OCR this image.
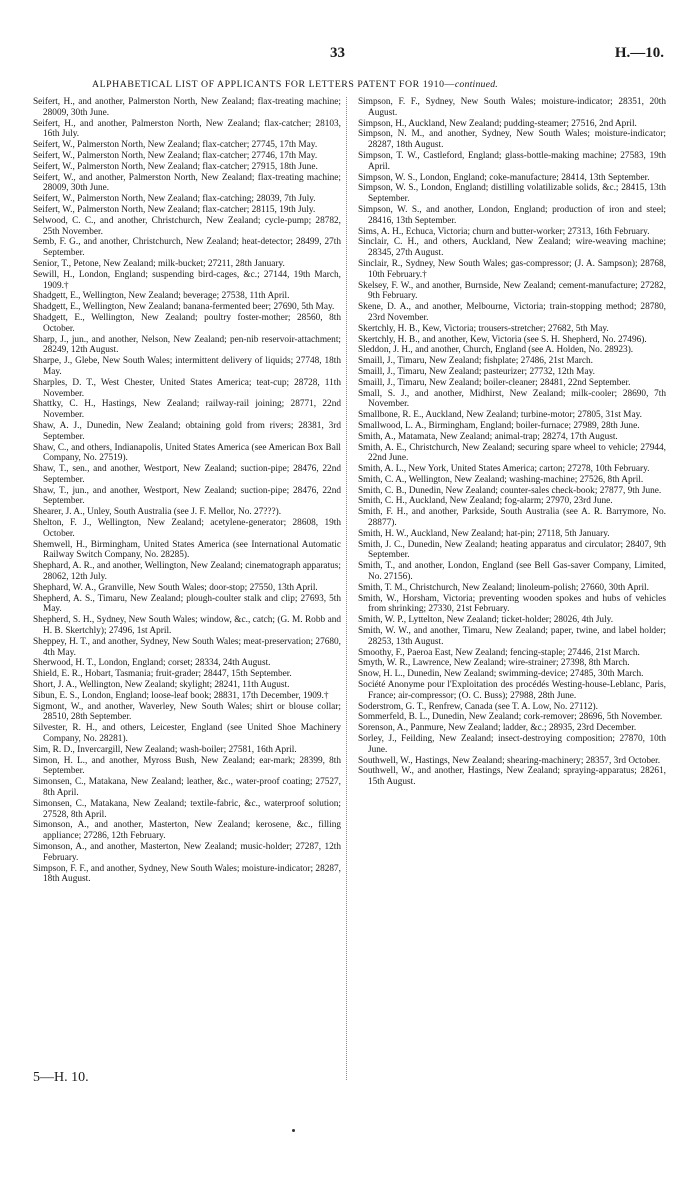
33	H.—10.
ALPHABETICAL LIST OF APPLICANTS FOR LETTERS PATENT FOR 1910—continued.

Seifert, H., and another, Palmerston North, New Zealand; flax-treating machine; 28009, 30th June.

Seifert, H., and another, Palmerston North, New Zealand; flax-catcher; 28103, 16th July.

Seifert, W., Palmerston North, New Zealand; flax-catcher; 27745, 17th May.

Seifert, W., Palmerston North, New Zealand; flax-catcher; 27746, 17th May.

Seifert, W., Palmerston North, New Zealand; flax-catcher; 27915, 18th June.

Seifert, W., and another, Palmerston North, New Zealand; flax-treating machine; 28009, 30th June.

Seifert, W., Palmerston North, New Zealand; flax-catching; 28039, 7th July.

Seifert, W., Palmerston North, New Zealand; flax-catcher; 28115, 19th July.

Selwood, C. C., and another, Christchurch, New Zealand; cycle-pump; 28782, 25th November.

Semb, F. G., and another, Christchurch, New Zealand; heat-detector; 28499, 27th September.

Senior, T., Petone, New Zealand; milk-bucket; 27211, 28th January.

Sewill, H., London, England; suspending bird-cages, &c.; 27144, 19th March, 1909.†

Shadgett, E., Wellington, New Zealand; beverage; 27538, 11th April.

Shadgett, E., Wellington, New Zealand; banana-fermented beer; 27690, 5th May.

Shadgett, E., Wellington, New Zealand; poultry foster-mother; 28560, 8th October.

Sharp, J., jun., and another, Nelson, New Zealand; pen-nib reservoir-attachment; 28249, 12th August.

Sharpe, J., Glebe, New South Wales; intermittent delivery of liquids; 27748, 18th May.

Sharples, D. T., West Chester, United States America; teat-cup; 28728, 11th November.

Shattky, C. H., Hastings, New Zealand; railway-rail joining; 28771, 22nd November.

Shaw, A. J., Dunedin, New Zealand; obtaining gold from rivers; 28381, 3rd September.

Shaw, C., and others, Indianapolis, United States America (see American Box Ball Company, No. 27519).

Shaw, T., sen., and another, Westport, New Zealand; suction-pipe; 28476, 22nd September.

Shaw, T., jun., and another, Westport, New Zealand; suction-pipe; 28476, 22nd September.

Shearer, J. A., Unley, South Australia (see J. F. Mellor, No. 27???).

Shelton, F. J., Wellington, New Zealand; acetylene-generator; 28608, 19th October.

Shemwell, H., Birmingham, United States America (see International Automatic Railway Switch Company, No. 28285).

Shephard, A. R., and another, Wellington, New Zealand; cinematograph apparatus; 28062, 12th July.

Shephard, W. A., Granville, New South Wales; door-stop; 27550, 13th April.

Shepherd, A. S., Timaru, New Zealand; plough-coulter stalk and clip; 27693, 5th May.

Shepherd, S. H., Sydney, New South Wales; window, &c., catch; (G. M. Robb and H. B. Skertchly); 27496, 1st April.

Sheppey, H. T., and another, Sydney, New South Wales; meat-preservation; 27680, 4th May.

Sherwood, H. T., London, England; corset; 28334, 24th August.

Shield, E. R., Hobart, Tasmania; fruit-grader; 28447, 15th September.

Short, J. A., Wellington, New Zealand; skylight; 28241, 11th August.

Sibun, E. S., London, England; loose-leaf book; 28831, 17th December, 1909.†

Sigmont, W., and another, Waverley, New South Wales; shirt or blouse collar; 28510, 28th September.

Silvester, R. H., and others, Leicester, England (see United Shoe Machinery Company, No. 28281).

Sim, R. D., Invercargill, New Zealand; wash-boiler; 27581, 16th April.

Simon, H. L., and another, Myross Bush, New Zealand; ear-mark; 28399, 8th September.

Simonsen, C., Matakana, New Zealand; leather, &c., water-proof coating; 27527, 8th April.

Simonsen, C., Matakana, New Zealand; textile-fabric, &c., waterproof solution; 27528, 8th April.

Simonson, A., and another, Masterton, New Zealand; kerosene, &c., filling appliance; 27286, 12th February.

Simonson, A., and another, Masterton, New Zealand; music-holder; 27287, 12th February.

Simpson, F. F., and another, Sydney, New South Wales; moisture-indicator; 28287, 18th August.

Simpson, F. F., Sydney, New South Wales; moisture-indicator; 28351, 20th August.

Simpson, H., Auckland, New Zealand; pudding-steamer; 27516, 2nd April.

Simpson, N. M., and another, Sydney, New South Wales; moisture-indicator; 28287, 18th August.

Simpson, T. W., Castleford, England; glass-bottle-making machine; 27583, 19th April.

Simpson, W. S., London, England; coke-manufacture; 28414, 13th September.

Simpson, W. S., London, England; distilling volatilizable solids, &c.; 28415, 13th September.

Simpson, W. S., and another, London, England; production of iron and steel; 28416, 13th September.

Sims, A. H., Echuca, Victoria; churn and butter-worker; 27313, 16th February.

Sinclair, C. H., and others, Auckland, New Zealand; wire-weaving machine; 28345, 27th August.

Sinclair, R., Sydney, New South Wales; gas-compressor; (J. A. Sampson); 28768, 10th February.†

Skelsey, F. W., and another, Burnside, New Zealand; cement-manufacture; 27282, 9th February.

Skene, D. A., and another, Melbourne, Victoria; train-stopping method; 28780, 23rd November.

Skertchly, H. B., Kew, Victoria; trousers-stretcher; 27682, 5th May.

Skertchly, H. B., and another, Kew, Victoria (see S. H. Shepherd, No. 27496).

Sleddon, J. H., and another, Church, England (see A. Holden, No. 28923).

Smaill, J., Timaru, New Zealand; fishplate; 27486, 21st March.

Smaill, J., Timaru, New Zealand; pasteurizer; 27732, 12th May.

Smaill, J., Timaru, New Zealand; boiler-cleaner; 28481, 22nd September.

Small, S. J., and another, Midhirst, New Zealand; milk-cooler; 28690, 7th November.

Smallbone, R. E., Auckland, New Zealand; turbine-motor; 27805, 31st May.

Smallwood, L. A., Birmingham, England; boiler-furnace; 27989, 28th June.

Smith, A., Matamata, New Zealand; animal-trap; 28274, 17th August.

Smith, A. E., Christchurch, New Zealand; securing spare wheel to vehicle; 27944, 22nd June.

Smith, A. L., New York, United States America; carton; 27278, 10th February.

Smith, C. A., Wellington, New Zealand; washing-machine; 27526, 8th April.

Smith, C. B., Dunedin, New Zealand; counter-sales check-book; 27877, 9th June.

Smith, C. H., Auckland, New Zealand; fog-alarm; 27970, 23rd June.

Smith, F. H., and another, Parkside, South Australia (see A. R. Barrymore, No. 28877).

Smith, H. W., Auckland, New Zealand; hat-pin; 27118, 5th January.

Smith, J. C., Dunedin, New Zealand; heating apparatus and circulator; 28407, 9th September.

Smith, T., and another, London, England (see Bell Gas-saver Company, Limited, No. 27156).

Smith, T. M., Christchurch, New Zealand; linoleum-polish; 27660, 30th April.

Smith, W., Horsham, Victoria; preventing wooden spokes and hubs of vehicles from shrinking; 27330, 21st February.

Smith, W. P., Lyttelton, New Zealand; ticket-holder; 28026, 4th July.

Smith, W. W., and another, Timaru, New Zealand; paper, twine, and label holder; 28253, 13th August.

Smoothy, F., Paeroa East, New Zealand; fencing-staple; 27446, 21st March.

Smyth, W. R., Lawrence, New Zealand; wire-strainer; 27398, 8th March.

Snow, H. L., Dunedin, New Zealand; swimming-device; 27485, 30th March.

Société Anonyme pour l'Exploitation des procédés Westing-house-Leblanc, Paris, France; air-compressor; (O. C. Buss); 27988, 28th June.

Soderstrom, G. T., Renfrew, Canada (see T. A. Low, No. 27112).

Sommerfeld, B. L., Dunedin, New Zealand; cork-remover; 28696, 5th November.

Sorenson, A., Panmure, New Zealand; ladder, &c.; 28935, 23rd December.

Sorley, J., Feilding, New Zealand; insect-destroying composition; 27870, 10th June.

Southwell, W., Hastings, New Zealand; shearing-machinery; 28357, 3rd October.

Southwell, W., and another, Hastings, New Zealand; spraying-apparatus; 28261, 15th August.

5—H. 10.
